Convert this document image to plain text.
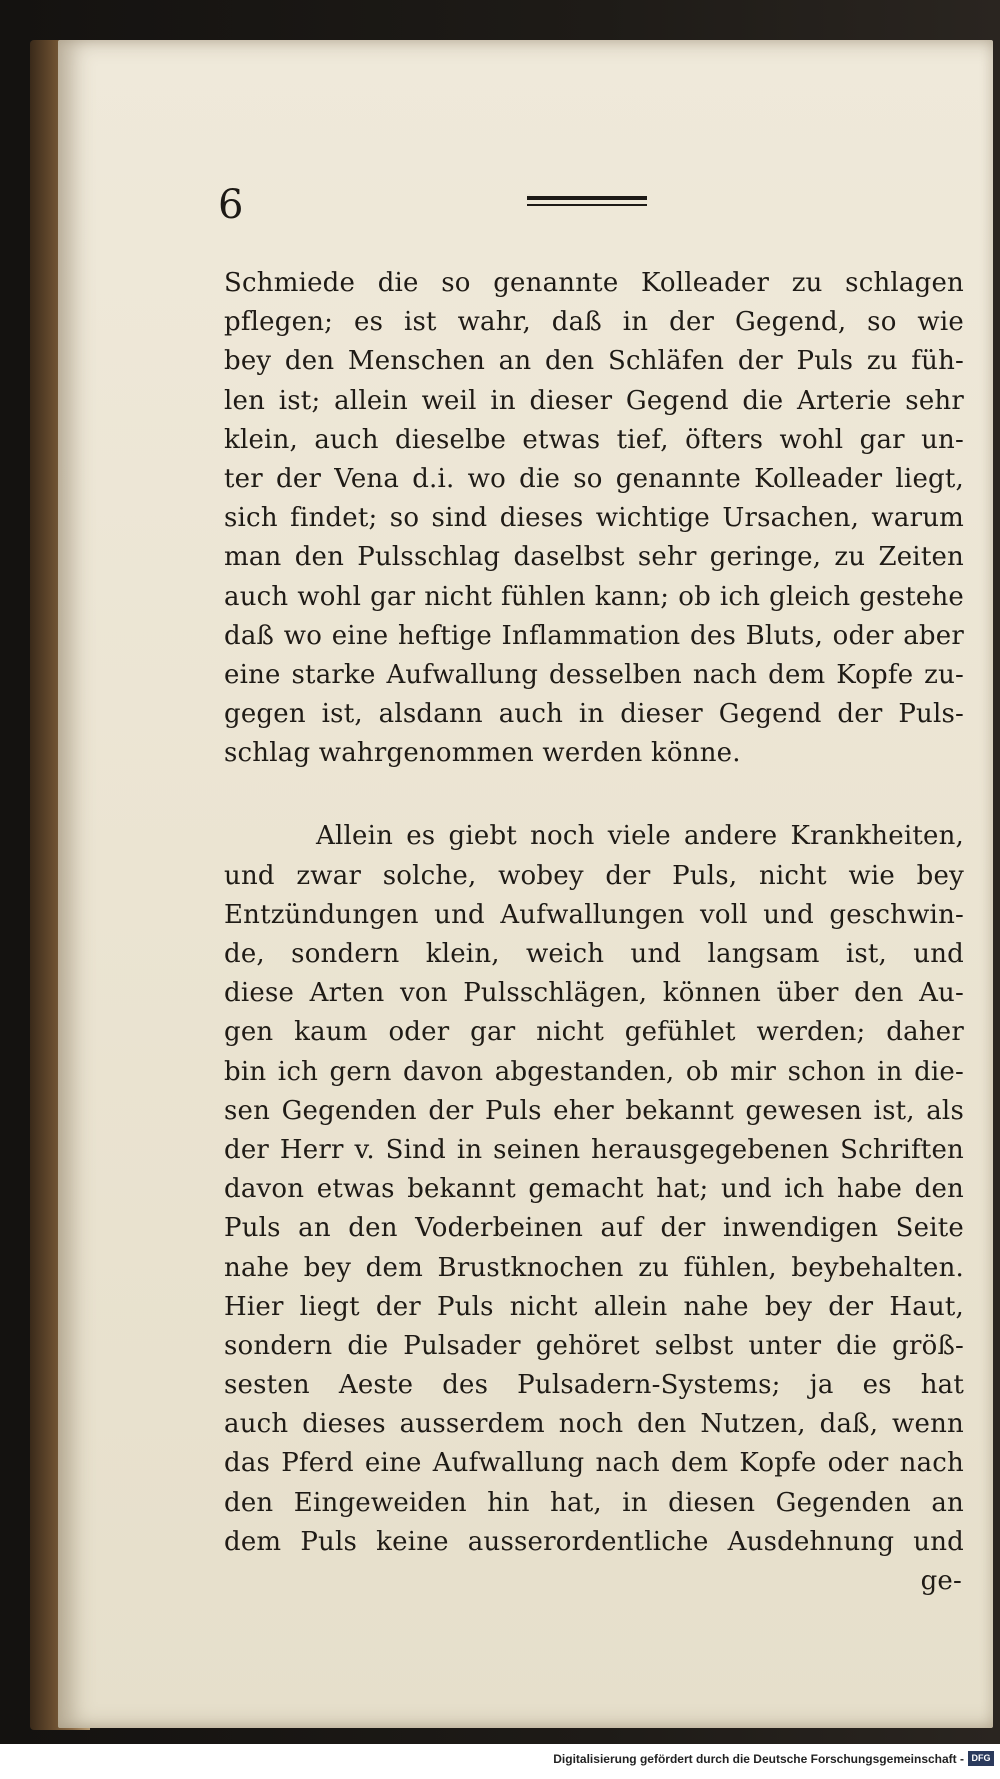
6
Schmiede die so genannte Kolleader zu schlagen
pflegen; es ist wahr, daß in der Gegend, so wie
bey den Menschen an den Schläfen der Puls zu füh-
len ist; allein weil in dieser Gegend die Arterie sehr
klein, auch dieselbe etwas tief, öfters wohl gar un-
ter der Vena d.i. wo die so genannte Kolleader liegt,
sich findet; so sind dieses wichtige Ursachen, warum
man den Pulsschlag daselbst sehr geringe, zu Zeiten
auch wohl gar nicht fühlen kann; ob ich gleich gestehe
daß wo eine heftige Inflammation des Bluts, oder aber
eine starke Aufwallung desselben nach dem Kopfe zu-
gegen ist, alsdann auch in dieser Gegend der Puls-
schlag wahrgenommen werden könne.
Allein es giebt noch viele andere Krankheiten,
und zwar solche, wobey der Puls, nicht wie bey
Entzündungen und Aufwallungen voll und geschwin-
de, sondern klein, weich und langsam ist, und
diese Arten von Pulsschlägen, können über den Au-
gen kaum oder gar nicht gefühlet werden; daher
bin ich gern davon abgestanden, ob mir schon in die-
sen Gegenden der Puls eher bekannt gewesen ist, als
der Herr v. Sind in seinen herausgegebenen Schriften
davon etwas bekannt gemacht hat; und ich habe den
Puls an den Voderbeinen auf der inwendigen Seite
nahe bey dem Brustknochen zu fühlen, beybehalten.
Hier liegt der Puls nicht allein nahe bey der Haut,
sondern die Pulsader gehöret selbst unter die größ-
sesten Aeste des Pulsadern-Systems; ja es hat
auch dieses ausserdem noch den Nutzen, daß, wenn
das Pferd eine Aufwallung nach dem Kopfe oder nach
den Eingeweiden hin hat, in diesen Gegenden an
dem Puls keine ausserordentliche Ausdehnung und
ge-
Digitalisierung gefördert durch die Deutsche Forschungsgemeinschaft - DFG
